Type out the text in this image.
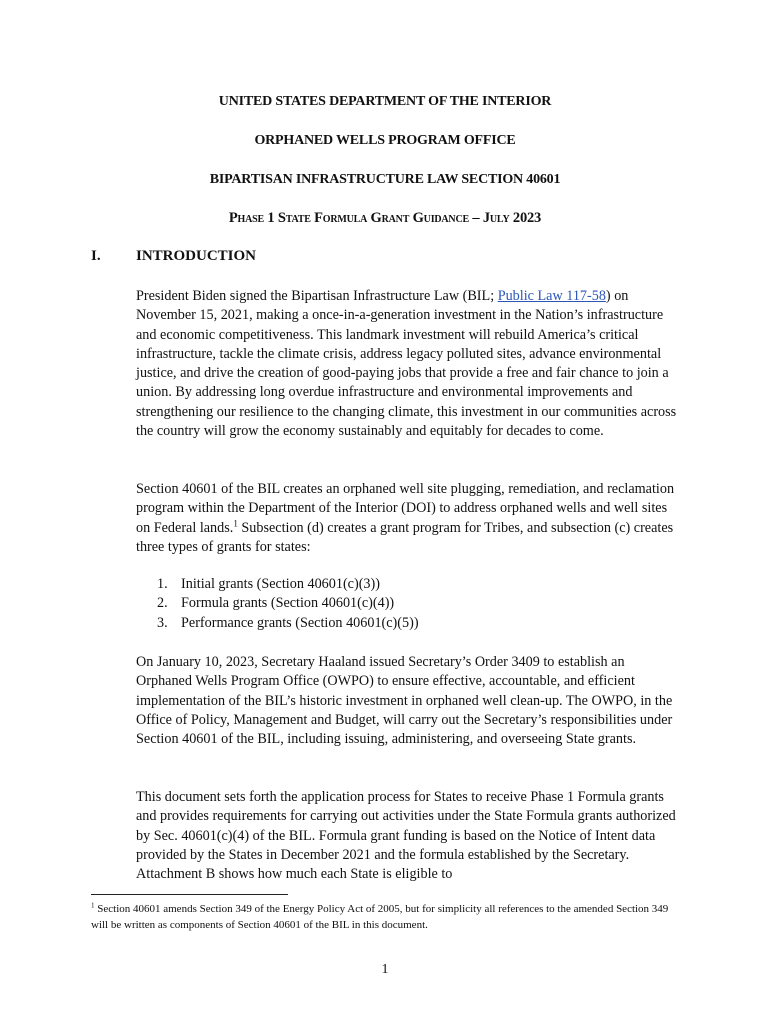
UNITED STATES DEPARTMENT OF THE INTERIOR
ORPHANED WELLS PROGRAM OFFICE
BIPARTISAN INFRASTRUCTURE LAW SECTION 40601
Phase 1 State Formula Grant Guidance – July 2023
I. INTRODUCTION

President Biden signed the Bipartisan Infrastructure Law (BIL; Public Law 117-58) on November 15, 2021, making a once-in-a-generation investment in the Nation’s infrastructure and economic competitiveness. This landmark investment will rebuild America’s critical infrastructure, tackle the climate crisis, address legacy polluted sites, advance environmental justice, and drive the creation of good-paying jobs that provide a free and fair chance to join a union. By addressing long overdue infrastructure and environmental improvements and strengthening our resilience to the changing climate, this investment in our communities across the country will grow the economy sustainably and equitably for decades to come.

Section 40601 of the BIL creates an orphaned well site plugging, remediation, and reclamation program within the Department of the Interior (DOI) to address orphaned wells and well sites on Federal lands.$^1$ Subsection (d) creates a grant program for Tribes, and subsection (c) creates three types of grants for states:

1. Initial grants (Section 40601(c)(3))
2. Formula grants (Section 40601(c)(4))
3. Performance grants (Section 40601(c)(5))

On January 10, 2023, Secretary Haaland issued Secretary’s Order 3409 to establish an Orphaned Wells Program Office (OWPO) to ensure effective, accountable, and efficient implementation of the BIL’s historic investment in orphaned well clean-up. The OWPO, in the Office of Policy, Management and Budget, will carry out the Secretary’s responsibilities under Section 40601 of the BIL, including issuing, administering, and overseeing State grants.

This document sets forth the application process for States to receive Phase 1 Formula grants and provides requirements for carrying out activities under the State Formula grants authorized by Sec. 40601(c)(4) of the BIL. Formula grant funding is based on the Notice of Intent data provided by the States in December 2021 and the formula established by the Secretary. Attachment B shows how much each State is eligible to

$^1$ Section 40601 amends Section 349 of the Energy Policy Act of 2005, but for simplicity all references to the amended Section 349 will be written as components of Section 40601 of the BIL in this document.

1
